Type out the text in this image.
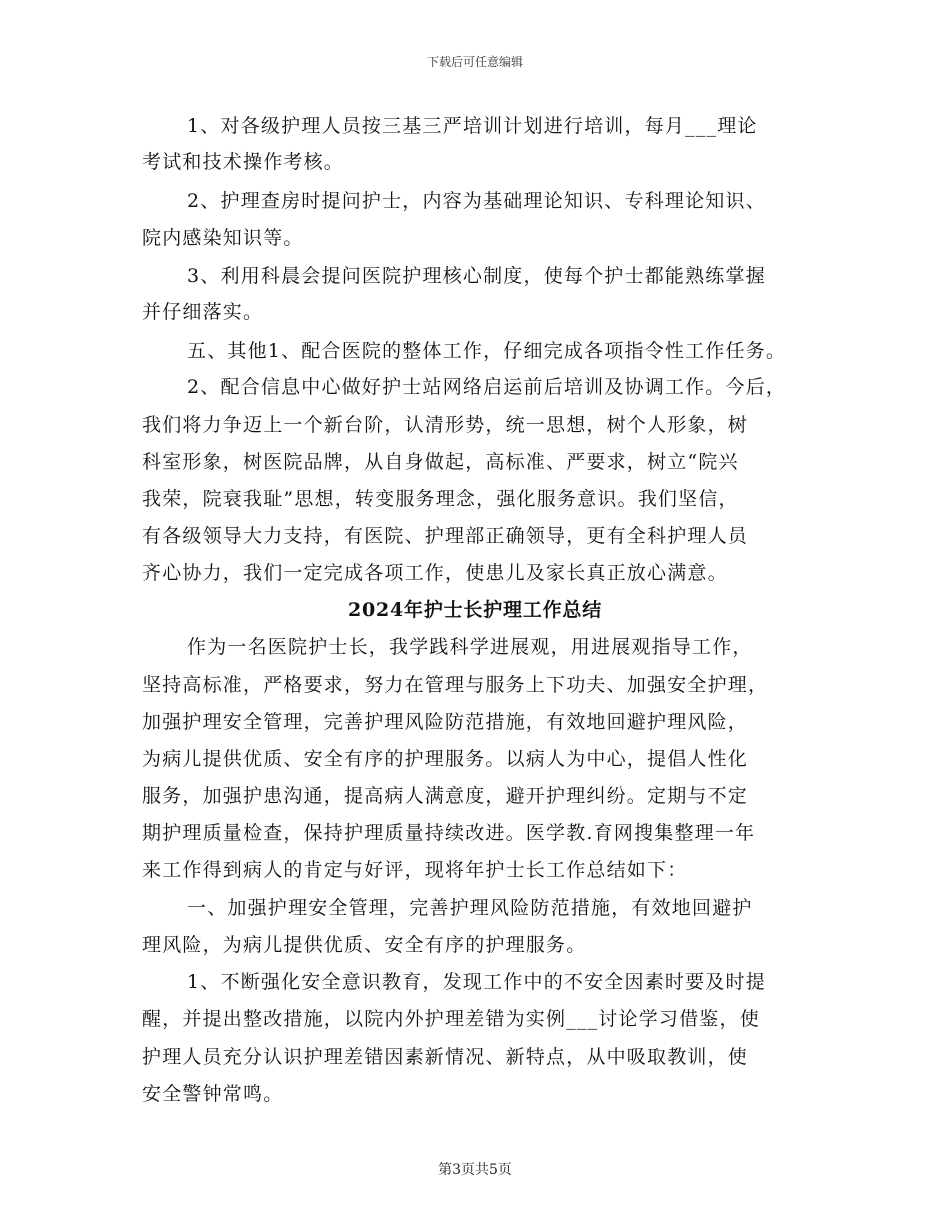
下载后可任意编辑
1、对各级护理人员按三基三严培训计划进行培训，每月___理论
考试和技术操作考核。
2、护理查房时提问护士，内容为基础理论知识、专科理论知识、
院内感染知识等。
3、利用科晨会提问医院护理核心制度，使每个护士都能熟练掌握
并仔细落实。
五、其他1、配合医院的整体工作，仔细完成各项指令性工作任务。
2、配合信息中心做好护士站网络启运前后培训及协调工作。今后，
我们将力争迈上一个新台阶，认清形势，统一思想，树个人形象，树
科室形象，树医院品牌，从自身做起，高标准、严要求，树立“院兴
我荣，院衰我耻”思想，转变服务理念，强化服务意识。我们坚信，
有各级领导大力支持，有医院、护理部正确领导，更有全科护理人员
齐心协力，我们一定完成各项工作，使患儿及家长真正放心满意。
2024年护士长护理工作总结
作为一名医院护士长，我学践科学进展观，用进展观指导工作，
坚持高标准，严格要求，努力在管理与服务上下功夫、加强安全护理，
加强护理安全管理，完善护理风险防范措施，有效地回避护理风险，
为病儿提供优质、安全有序的护理服务。以病人为中心，提倡人性化
服务，加强护患沟通，提高病人满意度，避开护理纠纷。定期与不定
期护理质量检查，保持护理质量持续改进。医学教.育网搜集整理一年
来工作得到病人的肯定与好评，现将年护士长工作总结如下：
一、加强护理安全管理，完善护理风险防范措施，有效地回避护
理风险，为病儿提供优质、安全有序的护理服务。
1、不断强化安全意识教育，发现工作中的不安全因素时要及时提
醒，并提出整改措施，以院内外护理差错为实例___讨论学习借鉴，使
护理人员充分认识护理差错因素新情况、新特点，从中吸取教训，使
安全警钟常鸣。
第3页共5页
